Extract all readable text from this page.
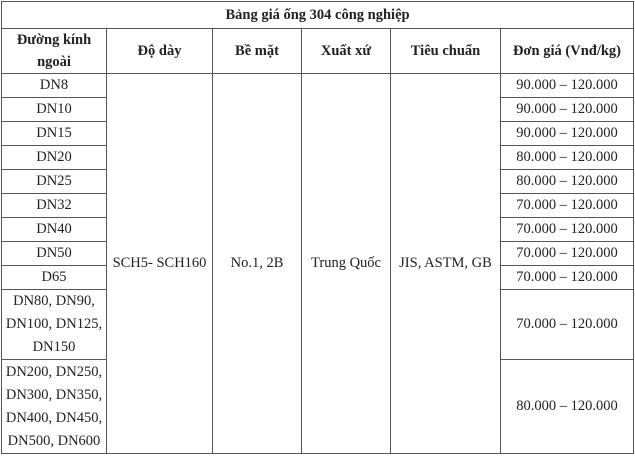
Bảng giá ống 304 công nghiệp					
Đường kính
ngoài	Độ dày	Bề mặt	Xuất xứ	Tiêu chuẩn	Đơn giá (Vnđ/kg)
DN8	SCH5- SCH160	No.1, 2B	Trung Quốc	JIS, ASTM, GB	90.000 – 120.000
DN10					90.000 – 120.000
DN15					90.000 – 120.000
DN20					80.000 – 120.000
DN25					80.000 – 120.000
DN32					70.000 – 120.000
DN40					70.000 – 120.000
DN50					70.000 – 120.000
D65					70.000 – 120.000
DN80, DN90,
DN100, DN125,
DN150					70.000 – 120.000
DN200, DN250,
DN300, DN350,
DN400, DN450,
DN500, DN600					80.000 – 120.000
